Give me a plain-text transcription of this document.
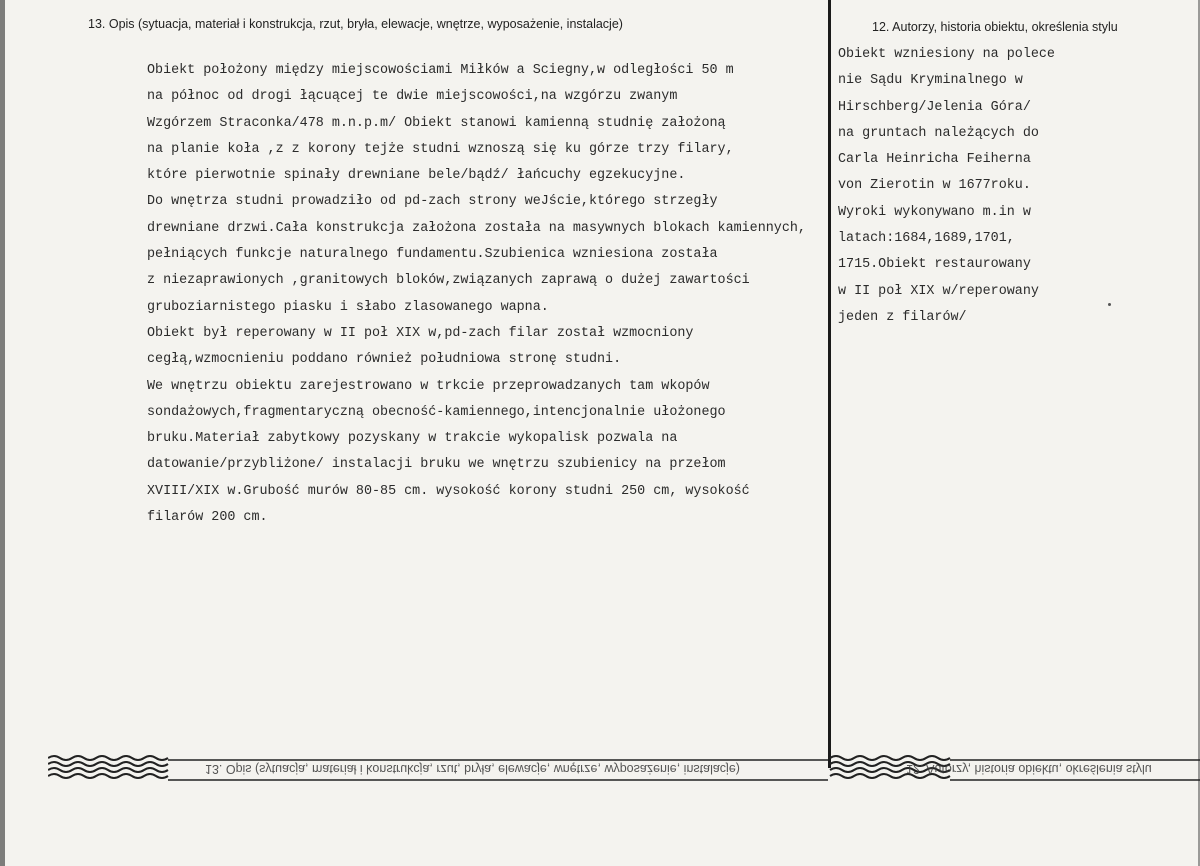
13. Opis (sytuacja, materiał i konstrukcja, rzut, bryła, elewacje, wnętrze, wyposażenie, instalacje)	12. Autorzy, historia obiektu, określenia stylu
Obiekt położony między miejscowościami Miłków a Sciegny,w odległości 50 m
na północ od drogi łącuącej te dwie miejscowości,na wzgórzu zwanym
Wzgórzem Straconka/478 m.n.p.m/ Obiekt stanowi kamienną studnię założoną
na planie koła ,z z korony tejże studni wznoszą się ku górze trzy filary,
które pierwotnie spinały drewniane bele/bądź/ łańcuchy egzekucyjne.
Do wnętrza studni prowadziło od pd-zach strony weJście,którego strzegły
drewniane drzwi.Cała konstrukcja założona została na masywnych blokach kamiennych,
pełniących funkcje naturalnego fundamentu.Szubienica wzniesiona została
z niezaprawionych ,granitowych bloków,związanych zaprawą o dużej zawartości
gruboziarnistego piasku i słabo zlasowanego wapna.
Obiekt był reperowany w II poł XIX w,pd-zach filar został wzmocniony
cegłą,wzmocnieniu poddano również południowa stronę studni.
We wnętrzu obiektu zarejestrowano w trkcie przeprowadzanych tam wkopów
sondażowych,fragmentaryczną obecność-kamiennego,intencjonalnie ułożonego
bruku.Materiał zabytkowy pozyskany w trakcie wykopalisk pozwala na
datowanie/przybliżone/ instalacji bruku we wnętrzu szubienicy na przełom
XVIII/XIX w.Grubość murów 80-85 cm. wysokość korony studni 250 cm, wysokość
filarów 200 cm.
Obiekt wzniesiony na polece
nie Sądu Kryminalnego w
Hirschberg/Jelenia Góra/
na gruntach należących do
Carla Heinricha Feiherna
von Zierotin w 1677roku.
Wyroki wykonywano m.in w
latach:1684,1689,1701,
1715.Obiekt restaurowany
w II poł XIX w/reperowany
jeden z filarów/
13. Opis (sytuacja, materiał i konstrukcja, rzut, bryła, elewacje, wnętrze, wyposażenie, instalacje)	12. Autorzy, historia obiektu, określenia stylu
